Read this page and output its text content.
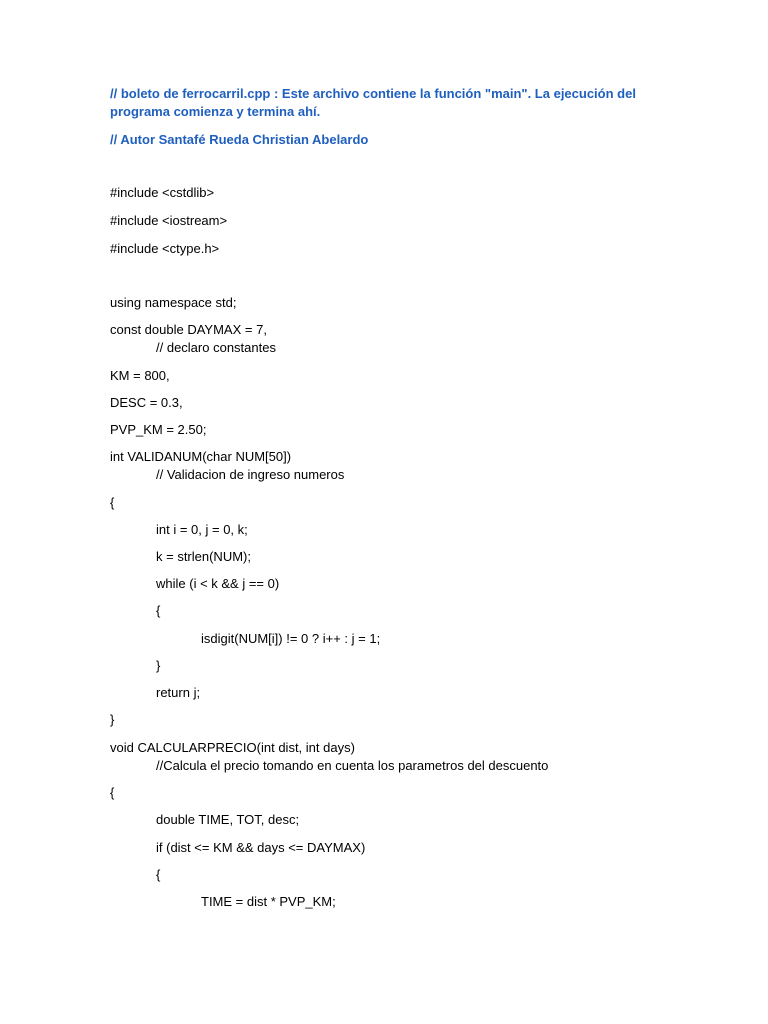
// boleto de ferrocarril.cpp : Este archivo contiene la función "main". La ejecución del

programa comienza y termina ahí.

// Autor Santafé Rueda Christian Abelardo

#include <cstdlib>

#include <iostream>

#include <ctype.h>

using namespace std;

const double DAYMAX = 7,

// declaro constantes

KM = 800,

DESC = 0.3,

PVP_KM = 2.50;

int VALIDANUM(char NUM[50])

// Validacion de ingreso numeros

{

int i = 0, j = 0, k;

k = strlen(NUM);

while (i < k && j == 0)

{

isdigit(NUM[i]) != 0 ? i++ : j = 1;

}

return j;

}

void CALCULARPRECIO(int dist, int days)

//Calcula el precio tomando en cuenta los parametros del descuento

{

double TIME, TOT, desc;

if (dist <= KM && days <= DAYMAX)

{

TIME = dist * PVP_KM;
